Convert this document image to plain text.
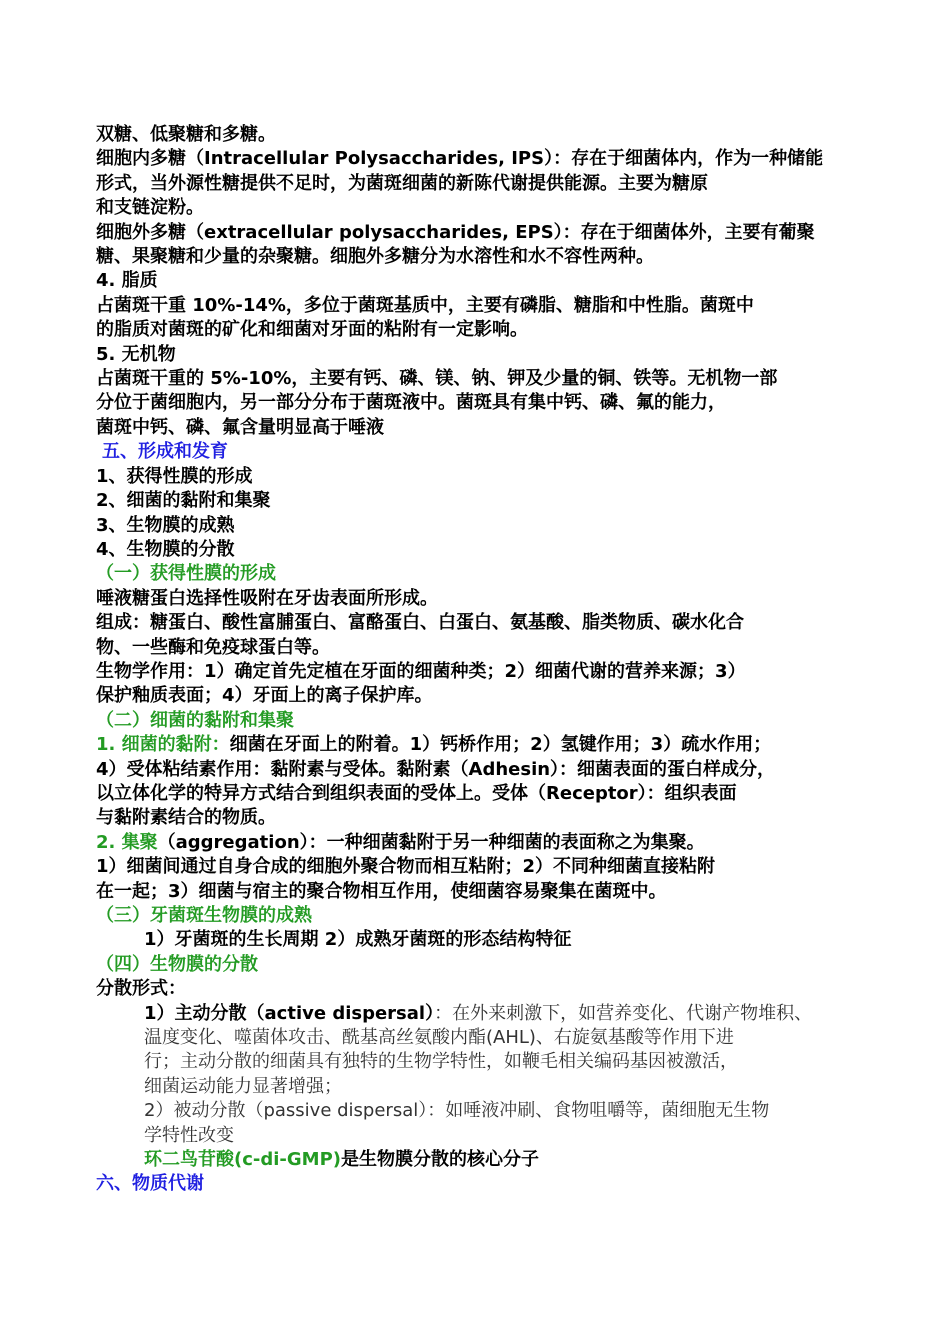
双糖、低聚糖和多糖。
细胞内多糖（Intracellular Polysaccharides, IPS）：存在于细菌体内，作为一种储能
形式，当外源性糖提供不足时，为菌斑细菌的新陈代谢提供能源。主要为糖原
和支链淀粉。
细胞外多糖（extracellular polysaccharides, EPS）：存在于细菌体外，主要有葡聚
糖、果聚糖和少量的杂聚糖。细胞外多糖分为水溶性和水不容性两种。
4. 脂质
占菌斑干重 10%-14%，多位于菌斑基质中，主要有磷脂、糖脂和中性脂。菌斑中
的脂质对菌斑的矿化和细菌对牙面的粘附有一定影响。
5. 无机物
占菌斑干重的 5%-10%，主要有钙、磷、镁、钠、钾及少量的铜、铁等。无机物一部
分位于菌细胞内，另一部分分布于菌斑液中。菌斑具有集中钙、磷、氟的能力，
菌斑中钙、磷、氟含量明显高于唾液
五、形成和发育
1、获得性膜的形成
2、细菌的黏附和集聚
3、生物膜的成熟
4、生物膜的分散
（一）获得性膜的形成
唾液糖蛋白选择性吸附在牙齿表面所形成。
组成：糖蛋白、酸性富脯蛋白、富酪蛋白、白蛋白、氨基酸、脂类物质、碳水化合
物、一些酶和免疫球蛋白等。
生物学作用：1）确定首先定植在牙面的细菌种类；2）细菌代谢的营养来源；3）
保护釉质表面；4）牙面上的离子保护库。
（二）细菌的黏附和集聚
1. 细菌的黏附：细菌在牙面上的附着。1）钙桥作用；2）氢键作用；3）疏水作用；
4）受体粘结素作用：黏附素与受体。黏附素（Adhesin）：细菌表面的蛋白样成分，
以立体化学的特异方式结合到组织表面的受体上。受体（Receptor）：组织表面
与黏附素结合的物质。
2. 集聚（aggregation）：一种细菌黏附于另一种细菌的表面称之为集聚。
1）细菌间通过自身合成的细胞外聚合物而相互粘附；2）不同种细菌直接粘附
在一起；3）细菌与宿主的聚合物相互作用，使细菌容易聚集在菌斑中。
（三）牙菌斑生物膜的成熟
1）牙菌斑的生长周期 2）成熟牙菌斑的形态结构特征
（四）生物膜的分散
分散形式：
1）主动分散（active dispersal）：在外来刺激下，如营养变化、代谢产物堆积、
温度变化、噬菌体攻击、酰基高丝氨酸内酯(AHL)、右旋氨基酸等作用下进
行；主动分散的细菌具有独特的生物学特性，如鞭毛相关编码基因被激活，
细菌运动能力显著增强；
2）被动分散（passive dispersal）：如唾液冲刷、食物咀嚼等，菌细胞无生物
学特性改变
环二鸟苷酸(c-di-GMP)是生物膜分散的核心分子
六、物质代谢
